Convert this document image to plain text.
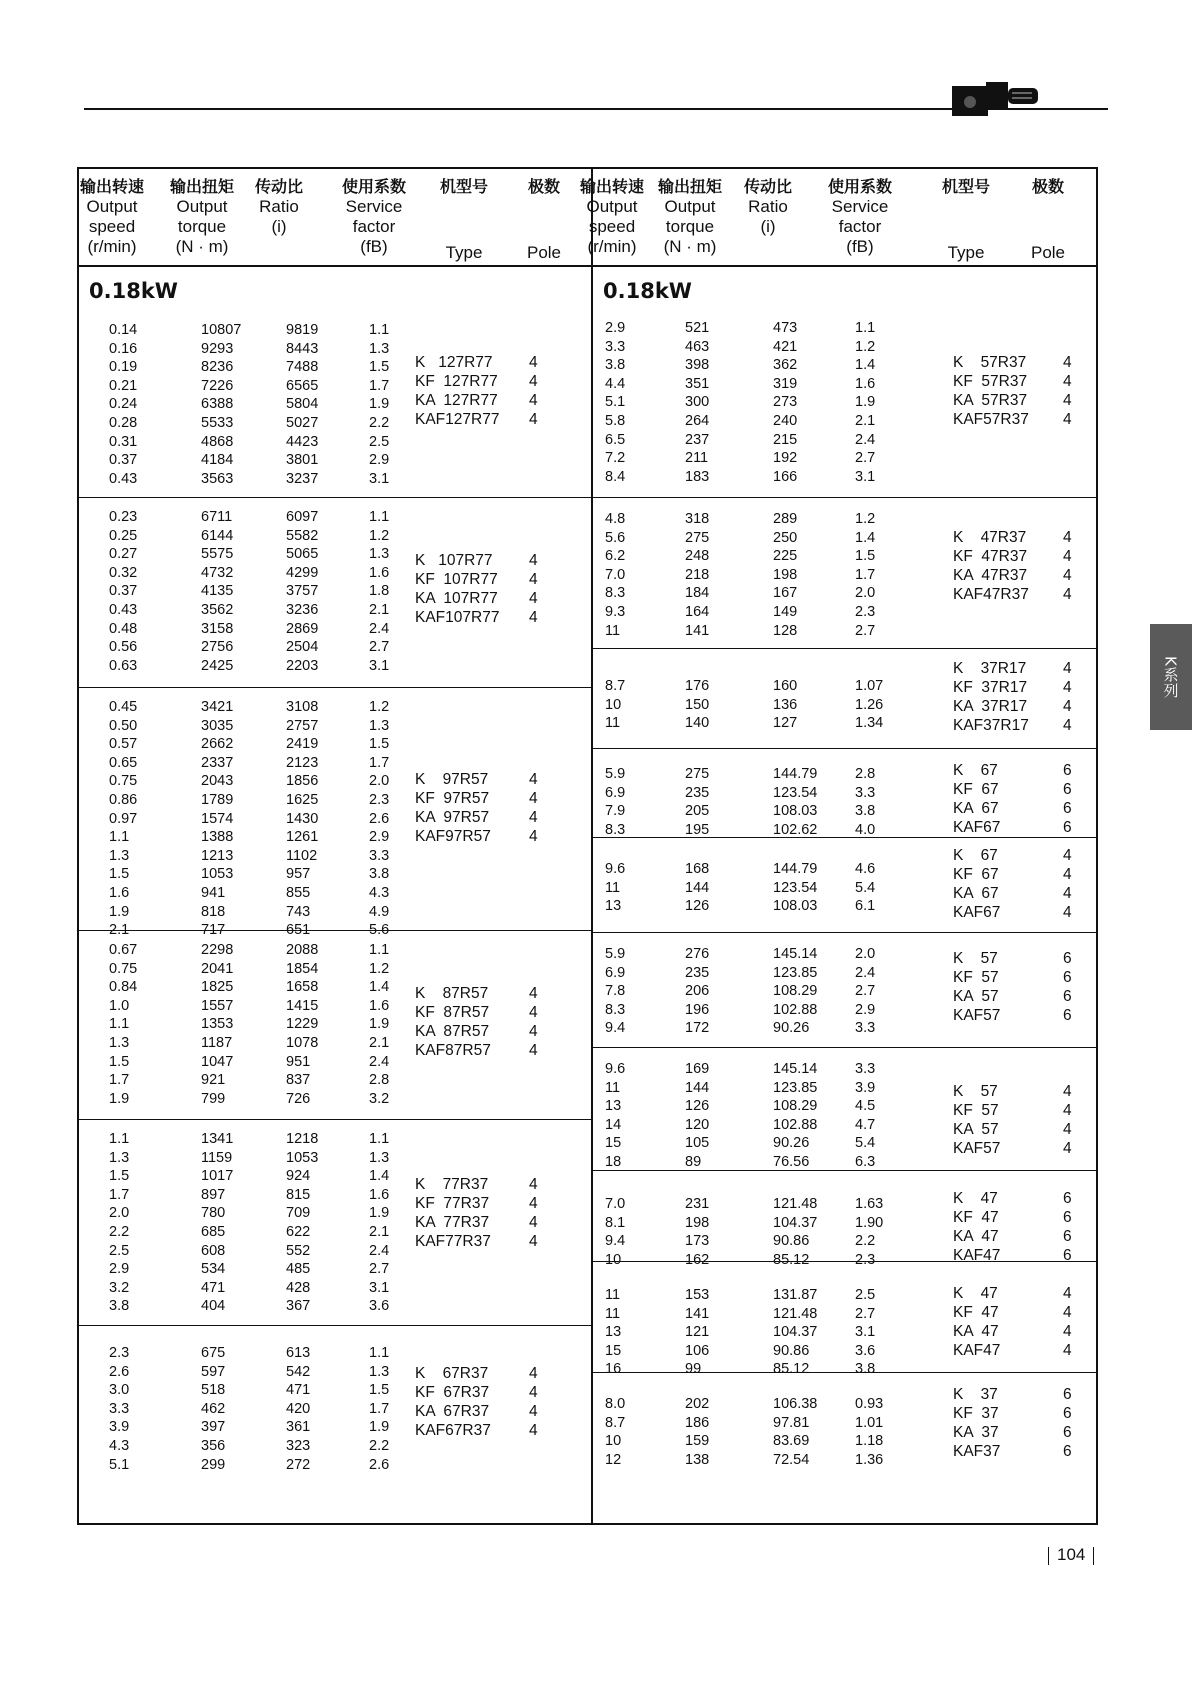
K系列
输出转速
Output
speed
(r/min)
输出扭矩
Output
torque
(N · m)
传动比
Ratio
(i)
使用系数
Service
factor
(fB)
机型号
Type
极数
Pole
0.18kW
0.14	10807	9819	1.1
0.16	9293	8443	1.3
0.19	8236	7488	1.5
0.21	7226	6565	1.7
0.24	6388	5804	1.9
0.28	5533	5027	2.2
0.31	4868	4423	2.5
0.37	4184	3801	2.9
0.43	3563	3237	3.1
K   127R77 4
KF  127R77 4
KA  127R77 4
KAF127R77 4
0.23	6711	6097	1.1
0.25	6144	5582	1.2
0.27	5575	5065	1.3
0.32	4732	4299	1.6
0.37	4135	3757	1.8
0.43	3562	3236	2.1
0.48	3158	2869	2.4
0.56	2756	2504	2.7
0.63	2425	2203	3.1
K   107R77 4
KF  107R77 4
KA  107R77 4
KAF107R77 4
0.45	3421	3108	1.2
0.50	3035	2757	1.3
0.57	2662	2419	1.5
0.65	2337	2123	1.7
0.75	2043	1856	2.0
0.86	1789	1625	2.3
0.97	1574	1430	2.6
1.1	1388	1261	2.9
1.3	1213	1102	3.3
1.5	1053	957	3.8
1.6	941	855	4.3
1.9	818	743	4.9
2.1	717	651	5.6
K    97R57	4
KF  97R57	4
KA  97R57	4
KAF97R57 4
0.67	2298	2088	1.1
0.75	2041	1854	1.2
0.84	1825	1658	1.4
1.0	1557	1415	1.6
1.1	1353	1229	1.9
1.3	1187	1078	2.1
1.5	1047	951	2.4
1.7	921	837	2.8
1.9	799	726	3.2
K    87R57	4
KF  87R57	4
KA  87R57	4
KAF87R57 4
1.1	1341	1218	1.1
1.3	1159	1053	1.3
1.5	1017	924	1.4
1.7	897	815	1.6
2.0	780	709	1.9
2.2	685	622	2.1
2.5	608	552	2.4
2.9	534	485	2.7
3.2	471	428	3.1
3.8	404	367	3.6
K    77R37	4
KF  77R37	4
KA  77R37	4
KAF77R37 4
2.3	675	613	1.1
2.6	597	542	1.3
3.0	518	471	1.5
3.3	462	420	1.7
3.9	397	361	1.9
4.3	356	323	2.2
5.1	299	272	2.6
K    67R37	4
KF  67R37	4
KA  67R37	4
KAF67R37 4
输出转速
Output
speed
(r/min)
输出扭矩
Output
torque
(N · m)
传动比
Ratio
(i)
使用系数
Service
factor
(fB)
机型号
Type
极数
Pole
0.18kW
2.9	521	473	1.1
3.3	463	421	1.2
3.8	398	362	1.4
4.4	351	319	1.6
5.1	300	273	1.9
5.8	264	240	2.1
6.5	237	215	2.4
7.2	211	192	2.7
8.4	183	166	3.1
K    57R37 4
KF  57R37 4
KA  57R37 4
KAF57R37 4
4.8	318	289	1.2
5.6	275	250	1.4
6.2	248	225	1.5
7.0	218	198	1.7
8.3	184	167	2.0
9.3	164	149	2.3
11	141	128	2.7
K    47R37 4
KF  47R37 4
KA  47R37 4
KAF47R37 4
8.7	176	160	1.07
10	150	136	1.26
11	140	127	1.34
K    37R17 4
KF  37R17 4
KA  37R17 4
KAF37R17 4
5.9	275	144.79	2.8
6.9	235	123.54	3.3
7.9	205	108.03	3.8
8.3	195	102.62	4.0
K    67	6
KF  67	6
KA  67	6
KAF67	6
9.6	168	144.79	4.6
11	144	123.54	5.4
13	126	108.03	6.1
K    67	4
KF  67	4
KA  67	4
KAF67	4
5.9	276	145.14	2.0
6.9	235	123.85	2.4
7.8	206	108.29	2.7
8.3	196	102.88	2.9
9.4	172	90.26	3.3
K    57	6
KF  57	6
KA  57	6
KAF57	6
9.6	169	145.14	3.3
11	144	123.85	3.9
13	126	108.29	4.5
14	120	102.88	4.7
15	105	90.26	5.4
18	89	76.56	6.3
K    57	4
KF  57	4
KA  57	4
KAF57	4
7.0	231	121.48	1.63
8.1	198	104.37	1.90
9.4	173	90.86	2.2
10	162	85.12	2.3
K    47	6
KF  47	6
KA  47	6
KAF47	6
11	153	131.87	2.5
11	141	121.48	2.7
13	121	104.37	3.1
15	106	90.86	3.6
16	99	85.12	3.8
K    47	4
KF  47	4
KA  47	4
KAF47	4
8.0	202	106.38	0.93
8.7	186	97.81	1.01
10	159	83.69	1.18
12	138	72.54	1.36
K    37	6
KF  37	6
KA  37	6
KAF37	6
104
